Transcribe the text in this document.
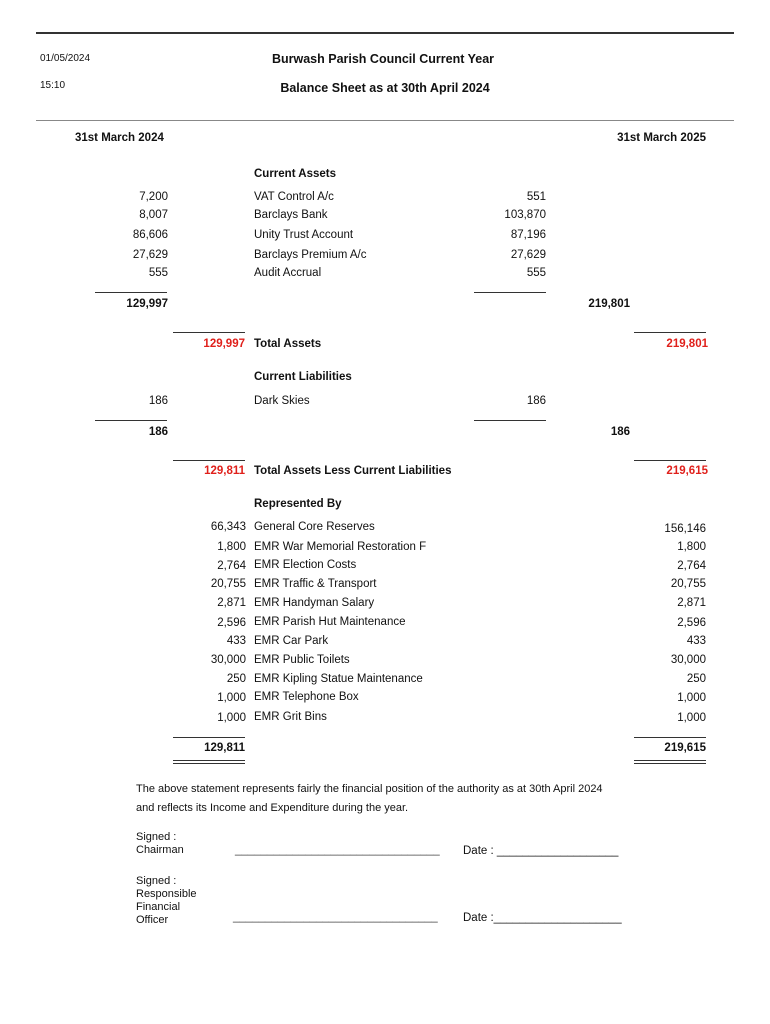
01/05/2024
15:10
Burwash Parish Council Current Year
Balance Sheet as at 30th April 2024
31st March 2024	31st March 2025
Current Assets
7,200	VAT Control A/c	551
8,007	Barclays Bank	103,870
86,606	Unity Trust Account	87,196
27,629	Barclays Premium A/c	27,629
555	Audit Accrual	555
129,997	219,801
129,997 Total Assets	219,801
Current Liabilities
186	Dark Skies	186
186	186
129,811 Total Assets Less Current Liabilities	219,615
Represented By
66,343 General Core Reserves	156,146
1,800 EMR War Memorial Restoration F	1,800
2,764 EMR Election Costs	2,764
20,755 EMR Traffic & Transport	20,755
2,871 EMR Handyman Salary	2,871
2,596 EMR Parish Hut Maintenance	2,596
433 EMR Car Park	433
30,000 EMR Public Toilets	30,000
250 EMR Kipling Statue Maintenance	250
1,000 EMR Telephone Box	1,000
1,000 EMR Grit Bins	1,000
129,811	219,615
The above statement represents fairly the financial position of the authority as at 30th April 2024
and reflects its Income and Expenditure during the year.
Signed :
Chairman	________________________________ Date : ___________________
Signed :
Responsible
Financial
Officer	________________________________ Date :____________________
